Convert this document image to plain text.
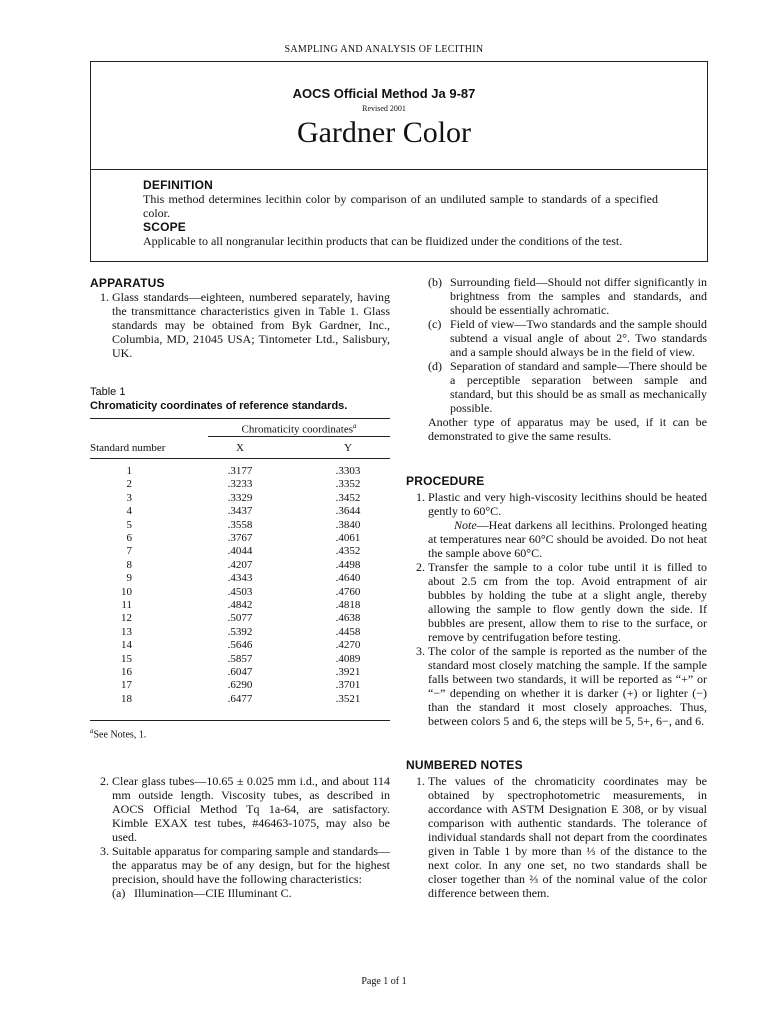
SAMPLING AND ANALYSIS OF LECITHIN
AOCS Official Method Ja 9-87
Revised 2001
Gardner Color
DEFINITION
This method determines lecithin color by comparison of an undiluted sample to standards of a specified color.
SCOPE
Applicable to all nongranular lecithin products that can be fluidized under the conditions of the test.
APPARATUS

1. Glass standards—eighteen, numbered separately, having the transmittance characteristics given in Table 1. Glass standards may be obtained from Byk Gardner, Inc., Columbia, MD, 21045 USA; Tintometer Ltd., Salisbury, UK.

Table 1
Chromaticity coordinates of reference standards.
Chromaticity coordinates$^a$
Standard number	X	Y
1	.3177	.3303
2	.3233	.3352
3	.3329	.3452
4	.3437	.3644
5	.3558	.3840
6	.3767	.4061
7	.4044	.4352
8	.4207	.4498
9	.4343	.4640
10	.4503	.4760
11	.4842	.4818
12	.5077	.4638
13	.5392	.4458
14	.5646	.4270
15	.5857	.4089
16	.6047	.3921
17	.6290	.3701
18	.6477	.3521
$^a$See Notes, 1.

2. Clear glass tubes—10.65 ± 0.025 mm i.d., and about 114 mm outside length. Viscosity tubes, as described in AOCS Official Method Tq 1a-64, are satisfactory. Kimble EXAX test tubes, #46463-1075, may also be used.

3. Suitable apparatus for comparing sample and standards—the apparatus may be of any design, but for the highest precision, should have the following characteristics:

(a) Illumination—CIE Illuminant C.

(b) Surrounding field—Should not differ significantly in brightness from the samples and standards, and should be essentially achromatic.

(c) Field of view—Two standards and the sample should subtend a visual angle of about 2°. Two standards and a sample should always be in the field of view.

(d) Separation of standard and sample—There should be a perceptible separation between sample and standard, but this should be as small as mechanically possible.

Another type of apparatus may be used, if it can be demonstrated to give the same results.

PROCEDURE

1. Plastic and very high-viscosity lecithins should be heated gently to 60°C.

Note—Heat darkens all lecithins. Prolonged heating at temperatures near 60°C should be avoided. Do not heat the sample above 60°C.

2. Transfer the sample to a color tube until it is filled to about 2.5 cm from the top. Avoid entrapment of air bubbles by holding the tube at a slight angle, thereby allowing the sample to flow gently down the side. If bubbles are present, allow them to rise to the surface, or remove by centrifugation before testing.

3. The color of the sample is reported as the number of the standard most closely matching the sample. If the sample falls between two standards, it will be reported as “+” or “−” depending on whether it is darker (+) or lighter (−) than the standard it most closely approaches. Thus, between colors 5 and 6, the steps will be 5, 5+, 6−, and 6.

NUMBERED NOTES

1. The values of the chromaticity coordinates may be obtained by spectrophotometric measurements, in accordance with ASTM Designation E 308, or by visual comparison with authentic standards. The tolerance of individual standards shall not depart from the coordinates given in Table 1 by more than ⅓ of the distance to the next color. In any one set, no two standards shall be closer together than ⅔ of the nominal value of the color difference between them.

Page 1 of 1
